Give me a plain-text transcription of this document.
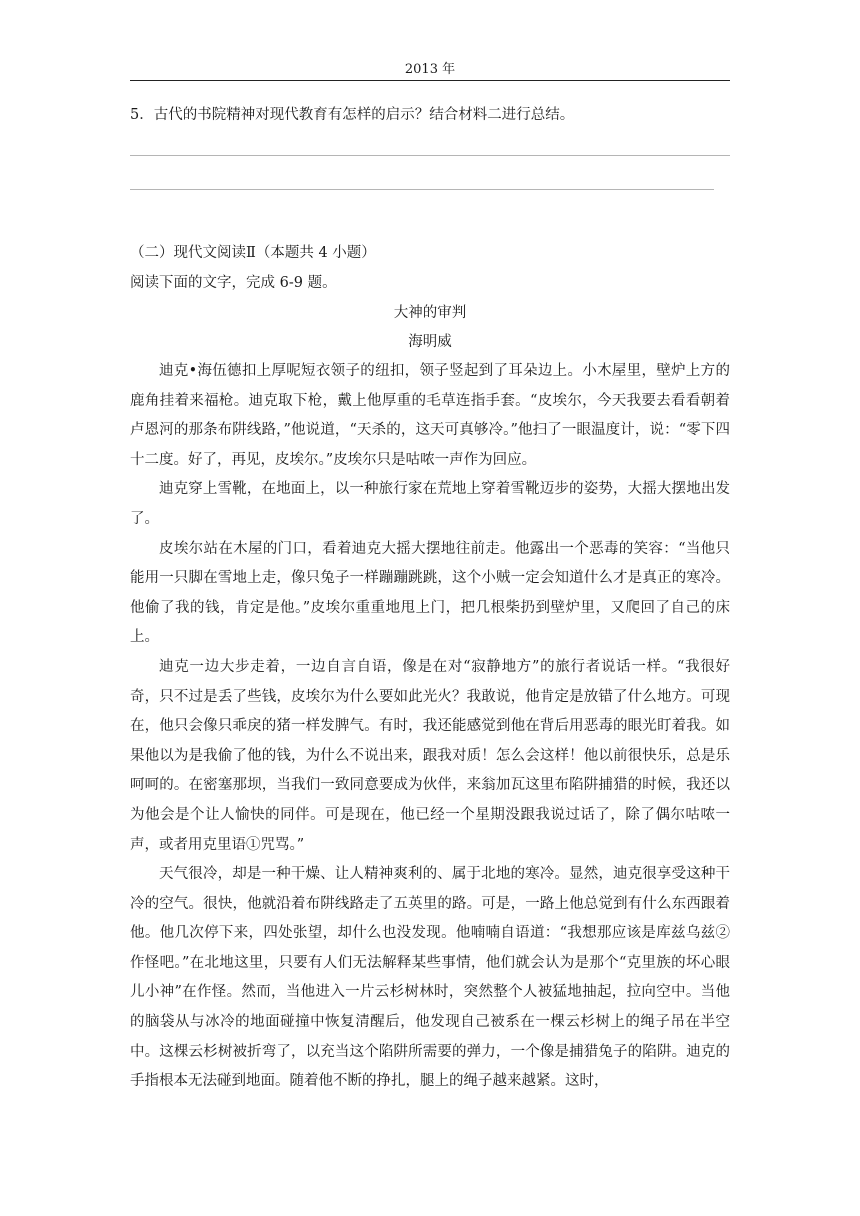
2013 年
5．古代的书院精神对现代教育有怎样的启示？结合材料二进行总结。
（二）现代文阅读Ⅱ（本题共 4 小题）
阅读下面的文字，完成 6-9 题。
大神的审判
海明威

迪克•海伍德扣上厚呢短衣领子的纽扣，领子竖起到了耳朵边上。小木屋里，壁炉上方的鹿角挂着来福枪。迪克取下枪，戴上他厚重的毛草连指手套。“皮埃尔，今天我要去看看朝着卢恩河的那条布阱线路，”他说道，“天杀的，这天可真够冷。”他扫了一眼温度计，说：“零下四十二度。好了，再见，皮埃尔。”皮埃尔只是咕哝一声作为回应。

迪克穿上雪靴，在地面上，以一种旅行家在荒地上穿着雪靴迈步的姿势，大摇大摆地出发了。

皮埃尔站在木屋的门口，看着迪克大摇大摆地往前走。他露出一个恶毒的笑容：“当他只能用一只脚在雪地上走，像只兔子一样蹦蹦跳跳，这个小贼一定会知道什么才是真正的寒冷。他偷了我的钱，肯定是他。”皮埃尔重重地甩上门，把几根柴扔到壁炉里，又爬回了自己的床上。

迪克一边大步走着，一边自言自语，像是在对“寂静地方”的旅行者说话一样。“我很好奇，只不过是丢了些钱，皮埃尔为什么要如此光火？我敢说，他肯定是放错了什么地方。可现在，他只会像只乖戾的猪一样发脾气。有时，我还能感觉到他在背后用恶毒的眼光盯着我。如果他以为是我偷了他的钱，为什么不说出来，跟我对质！怎么会这样！他以前很快乐，总是乐呵呵的。在密塞那坝，当我们一致同意要成为伙伴，来翁加瓦这里布陷阱捕猎的时候，我还以为他会是个让人愉快的同伴。可是现在，他已经一个星期没跟我说过话了，除了偶尔咕哝一声，或者用克里语①咒骂。”

天气很冷，却是一种干燥、让人精神爽利的、属于北地的寒冷。显然，迪克很享受这种干冷的空气。很快，他就沿着布阱线路走了五英里的路。可是，一路上他总觉到有什么东西跟着他。他几次停下来，四处张望，却什么也没发现。他喃喃自语道：“我想那应该是库兹乌兹②作怪吧。”在北地这里，只要有人们无法解释某些事情，他们就会认为是那个“克里族的坏心眼儿小神”在作怪。然而，当他进入一片云杉树林时，突然整个人被猛地抽起，拉向空中。当他的脑袋从与冰冷的地面碰撞中恢复清醒后，他发现自己被系在一棵云杉树上的绳子吊在半空中。这棵云杉树被折弯了，以充当这个陷阱所需要的弹力，一个像是捕猎兔子的陷阱。迪克的手指根本无法碰到地面。随着他不断的挣扎，腿上的绳子越来越紧。这时，
